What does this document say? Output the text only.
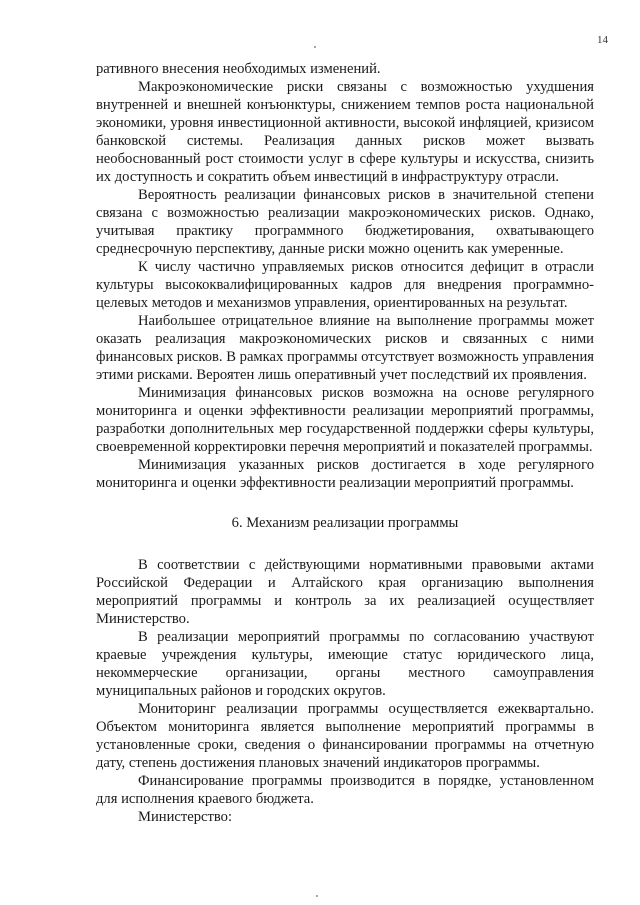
14

ративного внесения необходимых изменений.

Макроэкономические риски связаны с возможностью ухудшения внутренней и внешней конъюнктуры, снижением темпов роста национальной экономики, уровня инвестиционной активности, высокой инфляцией, кризисом банковской системы. Реализация данных рисков может вызвать необоснованный рост стоимости услуг в сфере культуры и искусства, снизить их доступность и сократить объем инвестиций в инфраструктуру отрасли.

Вероятность реализации финансовых рисков в значительной степени связана с возможностью реализации макроэкономических рисков. Однако, учитывая практику программного бюджетирования, охватывающего среднесрочную перспективу, данные риски можно оценить как умеренные.

К числу частично управляемых рисков относится дефицит в отрасли культуры высококвалифицированных кадров для внедрения программно-целевых методов и механизмов управления, ориентированных на результат.

Наибольшее отрицательное влияние на выполнение программы может оказать реализация макроэкономических рисков и связанных с ними финансовых рисков. В рамках программы отсутствует возможность управления этими рисками. Вероятен лишь оперативный учет последствий их проявления.

Минимизация финансовых рисков возможна на основе регулярного мониторинга и оценки эффективности реализации мероприятий программы, разработки дополнительных мер государственной поддержки сферы культуры, своевременной корректировки перечня мероприятий и показателей программы.

Минимизация указанных рисков достигается в ходе регулярного мониторинга и оценки эффективности реализации мероприятий программы.

6. Механизм реализации программы

В соответствии с действующими нормативными правовыми актами Российской Федерации и Алтайского края организацию выполнения мероприятий программы и контроль за их реализацией осуществляет Министерство.

В реализации мероприятий программы по согласованию участвуют краевые учреждения культуры, имеющие статус юридического лица, некоммерческие организации, органы местного самоуправления муниципальных районов и городских округов.

Мониторинг реализации программы осуществляется ежеквартально. Объектом мониторинга является выполнение мероприятий программы в установленные сроки, сведения о финансировании программы на отчетную дату, степень достижения плановых значений индикаторов программы.

Финансирование программы производится в порядке, установленном для исполнения краевого бюджета.

Министерство:
